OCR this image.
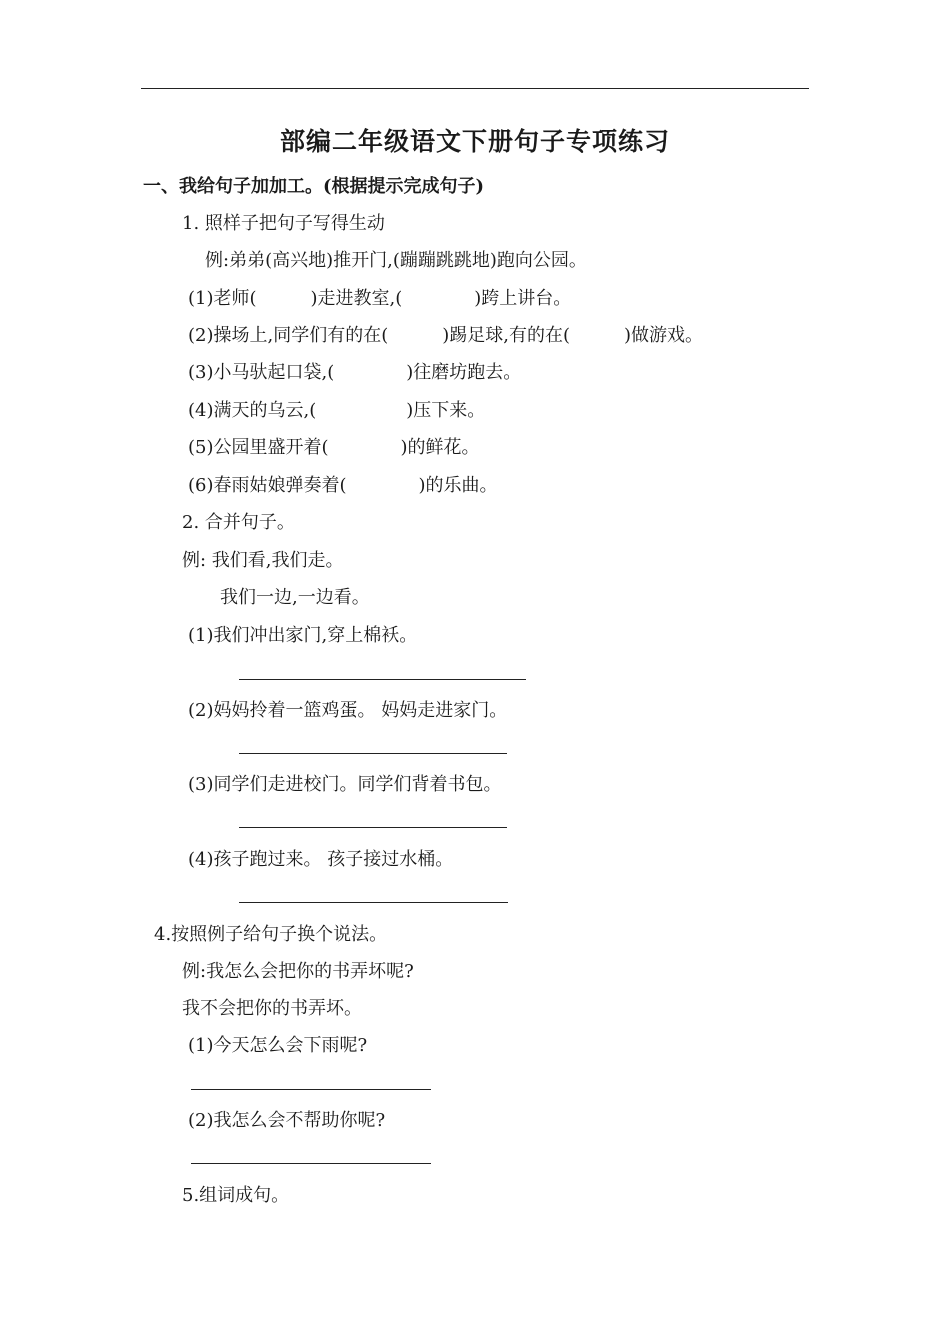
部编二年级语文下册句子专项练习
一、我给句子加加工。(根据提示完成句子)
1. 照样子把句子写得生动
例:弟弟(高兴地)推开门,(蹦蹦跳跳地)跑向公园。
(1)老师(　　　)走进教室,(　　　　)跨上讲台。
(2)操场上,同学们有的在(　　　)踢足球,有的在(　　　)做游戏。
(3)小马驮起口袋,(　　　　)往磨坊跑去。
(4)满天的乌云,(　　　　　)压下来。
(5)公园里盛开着(　　　　)的鲜花。
(6)春雨姑娘弹奏着(　　　　)的乐曲。
2. 合并句子。
例: 我们看,我们走。
我们一边,一边看。
(1)我们冲出家门,穿上棉袄。
(2)妈妈拎着一篮鸡蛋。 妈妈走进家门。
(3)同学们走进校门。同学们背着书包。
(4)孩子跑过来。 孩子接过水桶。
4.按照例子给句子换个说法。
例:我怎么会把你的书弄坏呢?
我不会把你的书弄坏。
(1)今天怎么会下雨呢?
(2)我怎么会不帮助你呢?
5.组词成句。
